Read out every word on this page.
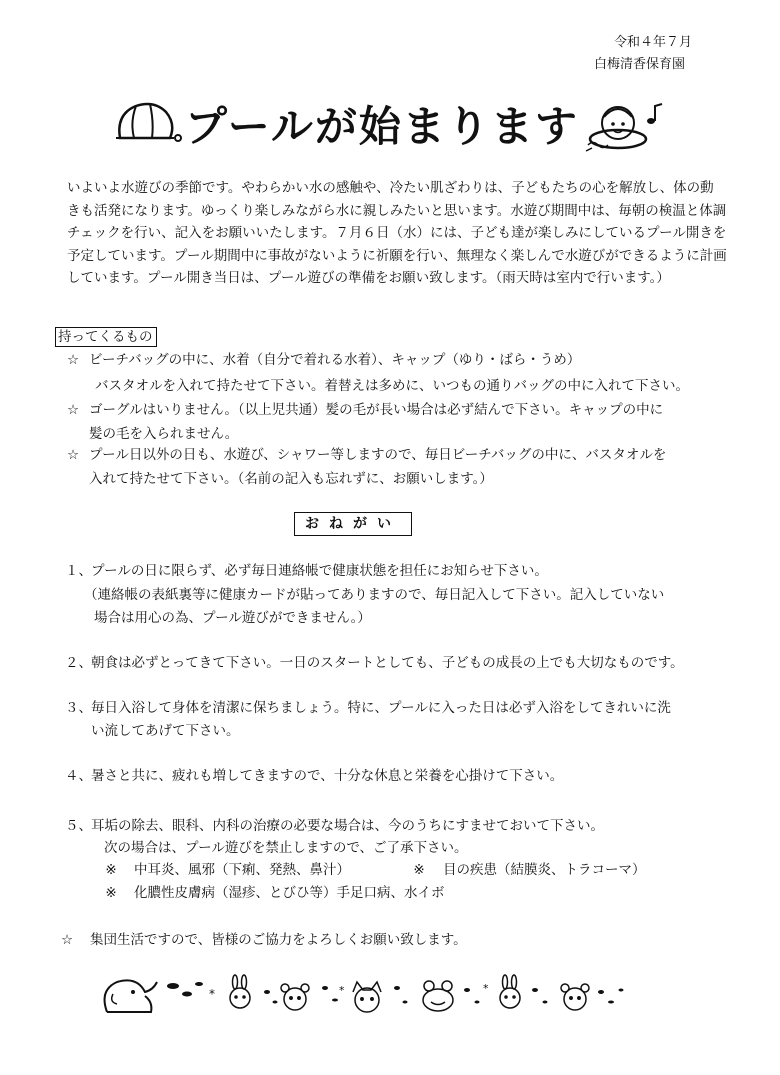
令和４年７月
白梅清香保育園
プールが始まります
いよいよ水遊びの季節です。やわらかい水の感触や、冷たい肌ざわりは、子どもたちの心を解放し、体の動
きも活発になります。ゆっくり楽しみながら水に親しみたいと思います。水遊び期間中は、毎朝の検温と体調
チェックを行い、記入をお願いいたします。７月６日（水）には、子ども達が楽しみにしているプール開きを
予定しています。プール期間中に事故がないように祈願を行い、無理なく楽しんで水遊びができるように計画
しています。プール開き当日は、プール遊びの準備をお願い致します。（雨天時は室内で行います。）
持ってくるもの
☆ ビーチバッグの中に、水着（自分で着れる水着）、キャップ（ゆり・ばら・うめ）
バスタオルを入れて持たせて下さい。着替えは多めに、いつもの通りバッグの中に入れて下さい。
☆ ゴーグルはいりません。（以上児共通）髪の毛が長い場合は必ず結んで下さい。キャップの中に
髪の毛を入られません。
☆ プール日以外の日も、水遊び、シャワー等しますので、毎日ビーチバッグの中に、バスタオルを
入れて持たせて下さい。（名前の記入も忘れずに、お願いします。）
おねがい
１、 プールの日に限らず、必ず毎日連絡帳で健康状態を担任にお知らせ下さい。
（連絡帳の表紙裏等に健康カードが貼ってありますので、毎日記入して下さい。記入していない
場合は用心の為、プール遊びができません。）
２、 朝食は必ずとってきて下さい。一日のスタートとしても、子どもの成長の上でも大切なものです。
３、 毎日入浴して身体を清潔に保ちましょう。特に、プールに入った日は必ず入浴をしてきれいに洗
い流してあげて下さい。
４、 暑さと共に、疲れも増してきますので、十分な休息と栄養を心掛けて下さい。
５、 耳垢の除去、眼科、内科の治療の必要な場合は、今のうちにすませておいて下さい。
次の場合は、プール遊びを禁止しますので、ご了承下さい。
※ 中耳炎、風邪（下痢、発熱、鼻汁）	※ 目の疾患（結膜炎、トラコーマ）
※ 化膿性皮膚病（湿疹、とびひ等）手足口病、水イボ
☆ 集団生活ですので、皆様のご協力をよろしくお願い致します。
*	*	*
